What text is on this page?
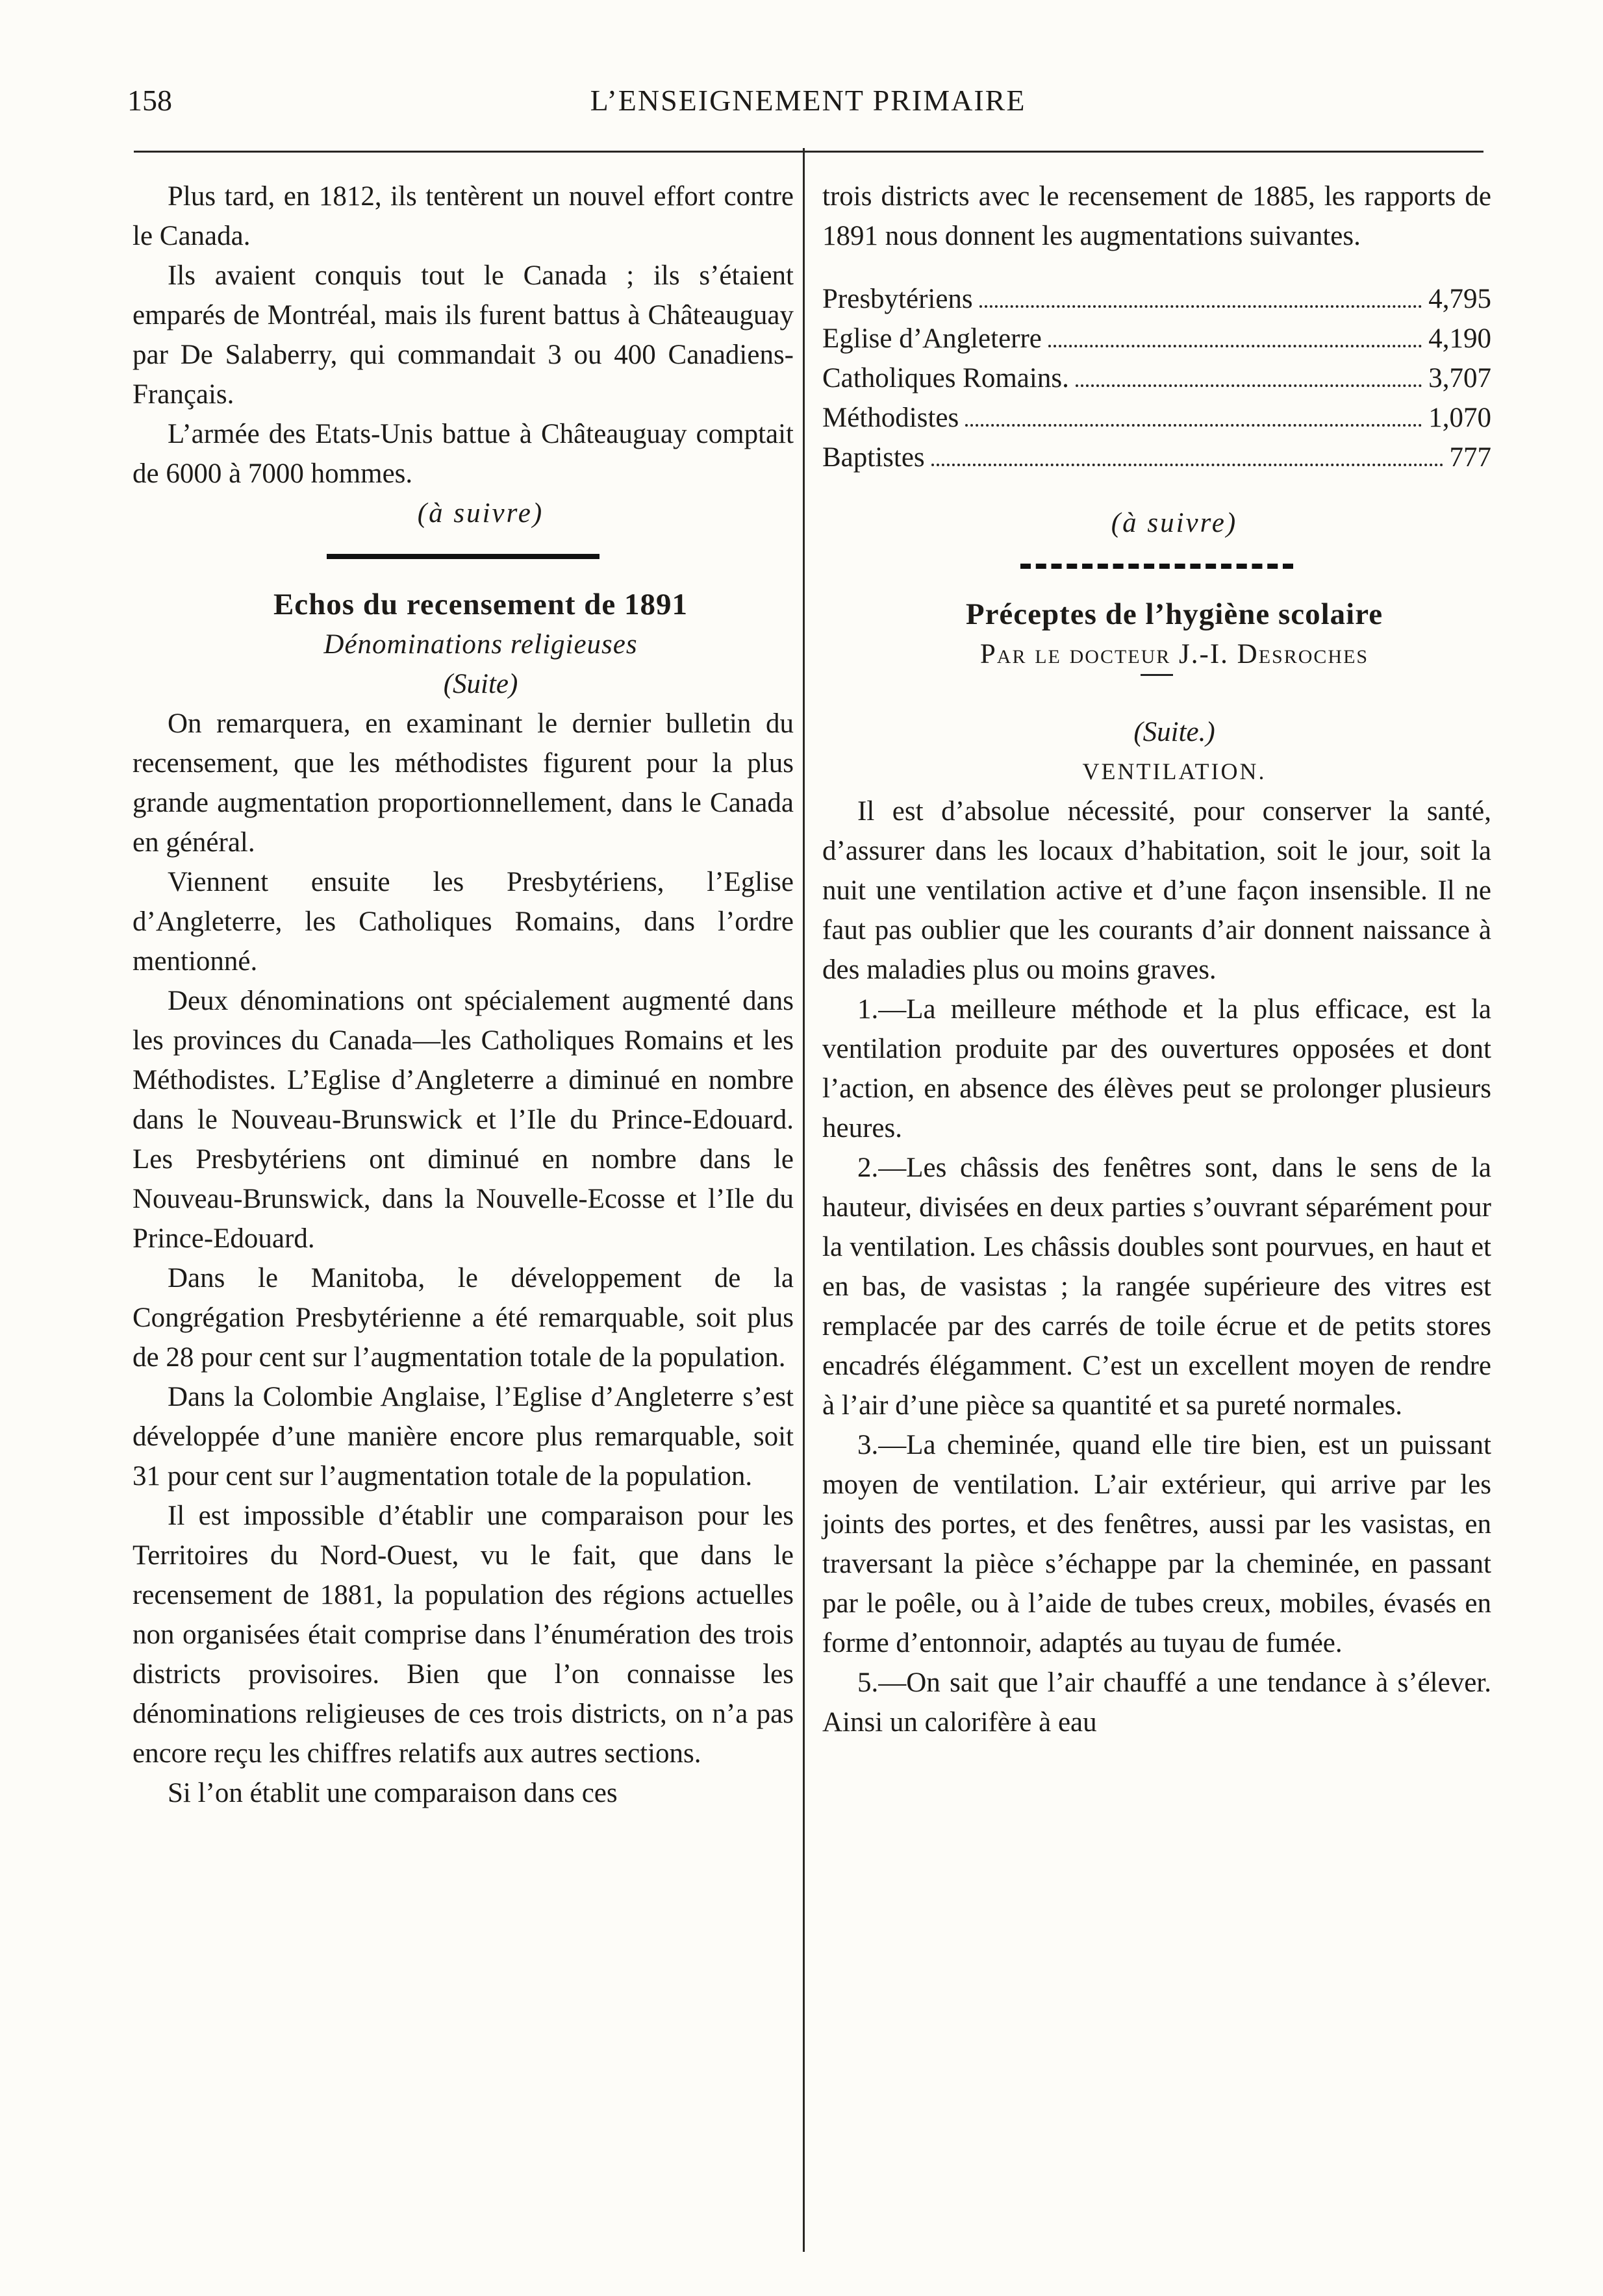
158	L’ENSEIGNEMENT PRIMAIRE

Plus tard, en 1812, ils tentèrent un nouvel effort contre le Canada.

Ils avaient conquis tout le Canada ; ils s’étaient emparés de Montréal, mais ils furent battus à Châteauguay par De Salaberry, qui commandait 3 ou 400 Canadiens-Français.

L’armée des Etats-Unis battue à Châteauguay comptait de 6000 à 7000 hommes.

(à suivre)

Echos du recensement de 1891

Dénominations religieuses

(Suite)

On remarquera, en examinant le dernier bulletin du recensement, que les méthodistes figurent pour la plus grande augmentation proportionnellement, dans le Canada en général.

Viennent ensuite les Presbytériens, l’Eglise d’Angleterre, les Catholiques Romains, dans l’ordre mentionné.

Deux dénominations ont spécialement augmenté dans les provinces du Canada—les Catholiques Romains et les Méthodistes. L’Eglise d’Angleterre a diminué en nombre dans le Nouveau-Brunswick et l’Ile du Prince-Edouard. Les Presbytériens ont diminué en nombre dans le Nouveau-Brunswick, dans la Nouvelle-Ecosse et l’Ile du Prince-Edouard.

Dans le Manitoba, le développement de la Congrégation Presbytérienne a été remarquable, soit plus de 28 pour cent sur l’augmentation totale de la population.

Dans la Colombie Anglaise, l’Eglise d’Angleterre s’est développée d’une manière encore plus remarquable, soit 31 pour cent sur l’augmentation totale de la population.

Il est impossible d’établir une comparaison pour les Territoires du Nord-Ouest, vu le fait, que dans le recensement de 1881, la population des régions actuelles non organisées était comprise dans l’énumération des trois districts provisoires. Bien que l’on connaisse les dénominations religieuses de ces trois districts, on n’a pas encore reçu les chiffres relatifs aux autres sections.

Si l’on établit une comparaison dans ces

trois districts avec le recensement de 1885, les rapports de 1891 nous donnent les augmentations suivantes.

Presbytériens	4,795
Eglise d’Angleterre	4,190
Catholiques Romains.	3,707
Méthodistes	1,070
Baptistes	777

(à suivre)

Préceptes de l’hygiène scolaire

Par le docteur J.-I. Desroches

(Suite.)

VENTILATION.

Il est d’absolue nécessité, pour conserver la santé, d’assurer dans les locaux d’habitation, soit le jour, soit la nuit une ventilation active et d’une façon insensible. Il ne faut pas oublier que les courants d’air donnent naissance à des maladies plus ou moins graves.

1.—La meilleure méthode et la plus efficace, est la ventilation produite par des ouvertures opposées et dont l’action, en absence des élèves peut se prolonger plusieurs heures.

2.—Les châssis des fenêtres sont, dans le sens de la hauteur, divisées en deux parties s’ouvrant séparément pour la ventilation. Les châssis doubles sont pourvues, en haut et en bas, de vasistas ; la rangée supérieure des vitres est remplacée par des carrés de toile écrue et de petits stores encadrés élégamment. C’est un excellent moyen de rendre à l’air d’une pièce sa quantité et sa pureté normales.

3.—La cheminée, quand elle tire bien, est un puissant moyen de ventilation. L’air extérieur, qui arrive par les joints des portes, et des fenêtres, aussi par les vasistas, en traversant la pièce s’échappe par la cheminée, en passant par le poêle, ou à l’aide de tubes creux, mobiles, évasés en forme d’entonnoir, adaptés au tuyau de fumée.

5.—On sait que l’air chauffé a une tendance à s’élever. Ainsi un calorifère à eau
